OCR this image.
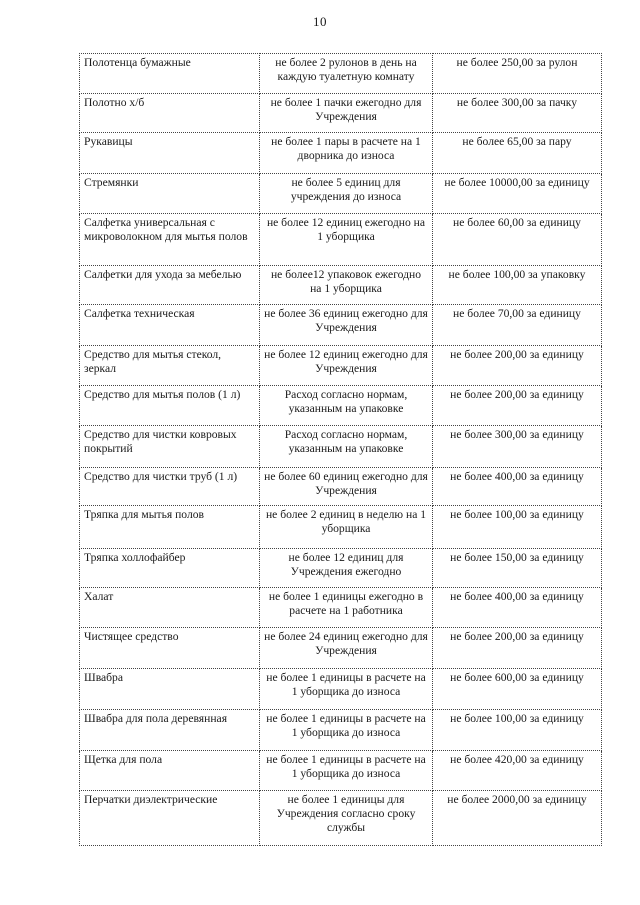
10
Полотенца бумажные	не более 2 рулонов в день на каждую туалетную комнату	не более 250,00 за рулон
Полотно х/б	не более 1 пачки ежегодно для Учреждения	не более 300,00 за пачку
Рукавицы	не более 1 пары в расчете на 1 дворника до износа	не более 65,00 за пару
Стремянки	не более 5 единиц для учреждения до износа	не более 10000,00 за единицу
Салфетка универсальная с микроволокном для мытья полов	не более 12 единиц ежегодно на 1 уборщика	не более 60,00 за единицу
Салфетки для ухода за мебелью	не более12 упаковок ежегодно на 1 уборщика	не более 100,00 за упаковку
Салфетка техническая	не более 36 единиц ежегодно для Учреждения	не более 70,00 за единицу
Средство для мытья стекол, зеркал	не более 12 единиц ежегодно для Учреждения	не более 200,00 за единицу
Средство для мытья полов (1 л)	Расход согласно нормам, указанным на упаковке	не более 200,00 за единицу
Средство для чистки ковровых покрытий	Расход согласно нормам, указанным на упаковке	не более 300,00 за единицу
Средство для чистки труб (1 л)	не более 60 единиц ежегодно для Учреждения	не более 400,00 за единицу
Тряпка для мытья полов	не более 2 единиц в неделю на 1 уборщика	не более 100,00 за единицу
Тряпка холлофайбер	не более 12 единиц для Учреждения ежегодно	не более 150,00 за единицу
Халат	не более 1 единицы ежегодно в расчете на 1 работника	не более 400,00 за единицу
Чистящее средство	не более 24 единиц ежегодно для Учреждения	не более 200,00 за единицу
Швабра	не более 1 единицы в расчете на 1 уборщика до износа	не более 600,00 за единицу
Швабра для пола деревянная	не более 1 единицы в расчете на 1 уборщика до износа	не более 100,00 за единицу
Щетка для пола	не более 1 единицы в расчете на 1 уборщика до износа	не более 420,00 за единицу
Перчатки диэлектрические	не более 1 единицы для Учреждения согласно сроку службы	не более 2000,00 за единицу
